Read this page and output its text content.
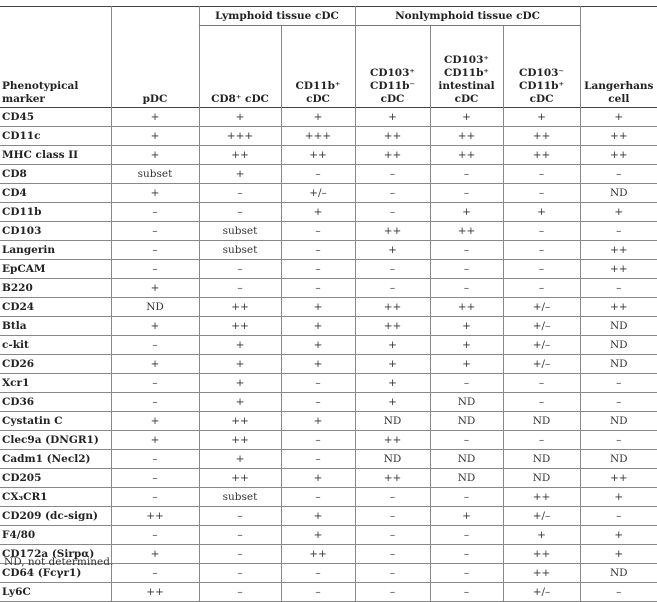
		Lymphoid tissue cDC		Nonlymphoid tissue cDC			
Phenotypical marker	pDC	CD8⁺ cDC	CD11b⁺ cDC	CD103⁺ CD11b⁻ cDC	CD103⁺ CD11b⁺ intestinal cDC	CD103⁻ CD11b⁺ cDC	Langerhans cell
CD45	+	+	+	+	+	+	+
CD11c	+	+++	+++	++	++	++	++
MHC class II	+	++	++	++	++	++	++
CD8	subset	+	–	–	–	–	–
CD4	+	–	+/–	–	–	–	ND
CD11b	–	–	+	–	+	+	+
CD103	–	subset	–	++	++	–	–
Langerin	–	subset	–	+	–	–	++
EpCAM	–	–	–	–	–	–	++
B220	+	–	–	–	–	–	–
CD24	ND	++	+	++	++	+/–	++
Btla	+	++	+	++	+	+/–	ND
c-kit	–	+	+	+	+	+/–	ND
CD26	+	+	+	+	+	+/–	ND
Xcr1	–	+	–	+	–	–	–
CD36	–	+	–	+	ND	–	–
Cystatin C	+	++	+	ND	ND	ND	ND
Clec9a (DNGR1)	+	++	–	++	–	–	–
Cadm1 (Necl2)	–	+	–	ND	ND	ND	ND
CD205	–	++	+	++	ND	ND	++
CX₃CR1	–	subset	–	–	–	++	+
CD209 (dc-sign)	++	–	+	–	+	+/–	–
F4/80	–	–	+	–	–	+	+
CD172a (Sirpα)	+	–	++	–	–	++	+
CD64 (Fcγr1)	–	–	–	–	–	++	ND
Ly6C	++	–	–	–	–	+/–	–
ND, not determined.
